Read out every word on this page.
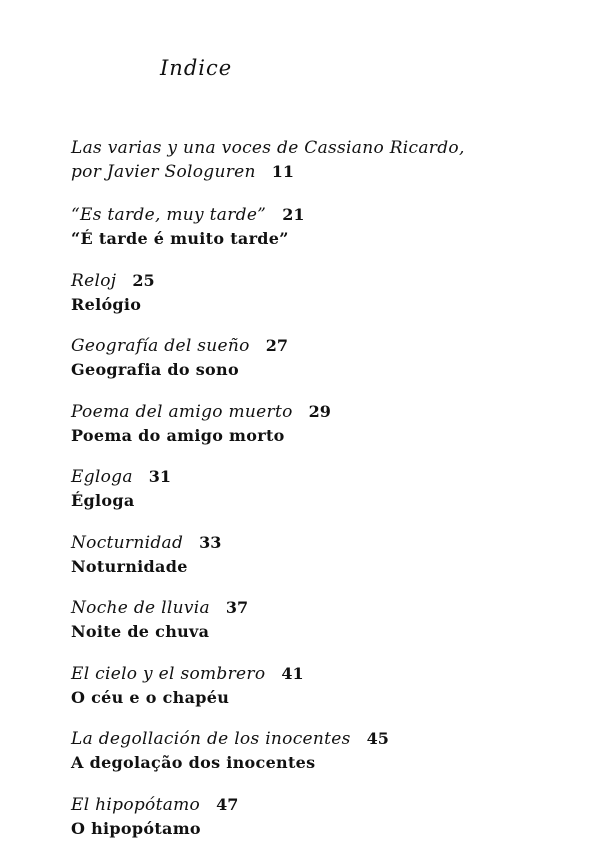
Indice
Las varias y una voces de Cassiano Ricardo,
por Javier Sologuren 11
“Es tarde, muy tarde” 21
“É tarde é muito tarde”
Reloj 25
Relógio
Geografía del sueño 27
Geografia do sono
Poema del amigo muerto 29
Poema do amigo morto
Egloga 31
Égloga
Nocturnidad 33
Noturnidade
Noche de lluvia 37
Noite de chuva
El cielo y el sombrero 41
O céu e o chapéu
La degollación de los inocentes 45
A degolação dos inocentes
El hipopótamo 47
O hipopótamo
